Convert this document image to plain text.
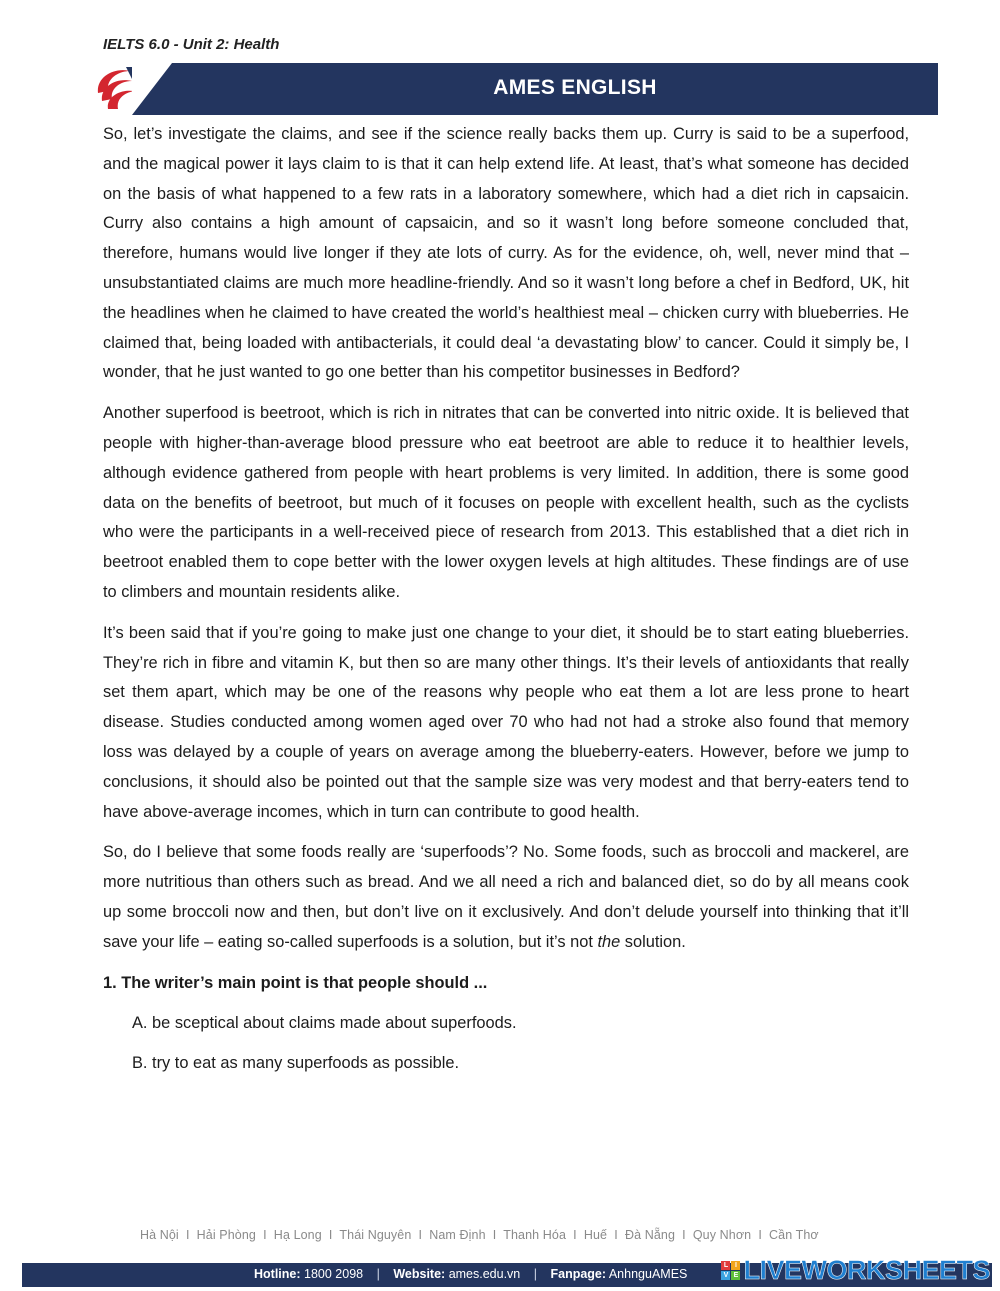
IELTS 6.0 - Unit 2: Health
AMES ENGLISH

So, let’s investigate the claims, and see if the science really backs them up. Curry is said to be a superfood, and the magical power it lays claim to is that it can help extend life. At least, that’s what someone has decided on the basis of what happened to a few rats in a laboratory somewhere, which had a diet rich in capsaicin. Curry also contains a high amount of capsaicin, and so it wasn’t long before someone concluded that, therefore, humans would live longer if they ate lots of curry. As for the evidence, oh, well, never mind that – unsubstantiated claims are much more headline-friendly. And so it wasn’t long before a chef in Bedford, UK, hit the headlines when he claimed to have created the world’s healthiest meal – chicken curry with blueberries. He claimed that, being loaded with antibacterials, it could deal ‘a devastating blow’ to cancer. Could it simply be, I wonder, that he just wanted to go one better than his competitor businesses in Bedford?

Another superfood is beetroot, which is rich in nitrates that can be converted into nitric oxide. It is believed that people with higher-than-average blood pressure who eat beetroot are able to reduce it to healthier levels, although evidence gathered from people with heart problems is very limited. In addition, there is some good data on the benefits of beetroot, but much of it focuses on people with excellent health, such as the cyclists who were the participants in a well-received piece of research from 2013. This established that a diet rich in beetroot enabled them to cope better with the lower oxygen levels at high altitudes. These findings are of use to climbers and mountain residents alike.

It’s been said that if you’re going to make just one change to your diet, it should be to start eating blueberries. They’re rich in fibre and vitamin K, but then so are many other things. It’s their levels of antioxidants that really set them apart, which may be one of the reasons why people who eat them a lot are less prone to heart disease. Studies conducted among women aged over 70 who had not had a stroke also found that memory loss was delayed by a couple of years on average among the blueberry-eaters. However, before we jump to conclusions, it should also be pointed out that the sample size was very modest and that berry-eaters tend to have above-average incomes, which in turn can contribute to good health.

So, do I believe that some foods really are ‘superfoods’? No. Some foods, such as broccoli and mackerel, are more nutritious than others such as bread. And we all need a rich and balanced diet, so do by all means cook up some broccoli now and then, but don’t live on it exclusively. And don’t delude yourself into thinking that it’ll save your life – eating so-called superfoods is a solution, but it’s not the solution.

1. The writer’s main point is that people should ...

A. be sceptical about claims made about superfoods.

B. try to eat as many superfoods as possible.

Hà Nội  I  Hải Phòng  I  Hạ Long  I  Thái Nguyên  I  Nam Định  I  Thanh Hóa  I  Huế  I  Đà Nẵng  I  Quy Nhơn  I  Cần Thơ
Hotline: 1800 2098 | Website: ames.edu.vn | Fanpage: AnhnguAMES
L I
V E LIVEWORKSHEETS
